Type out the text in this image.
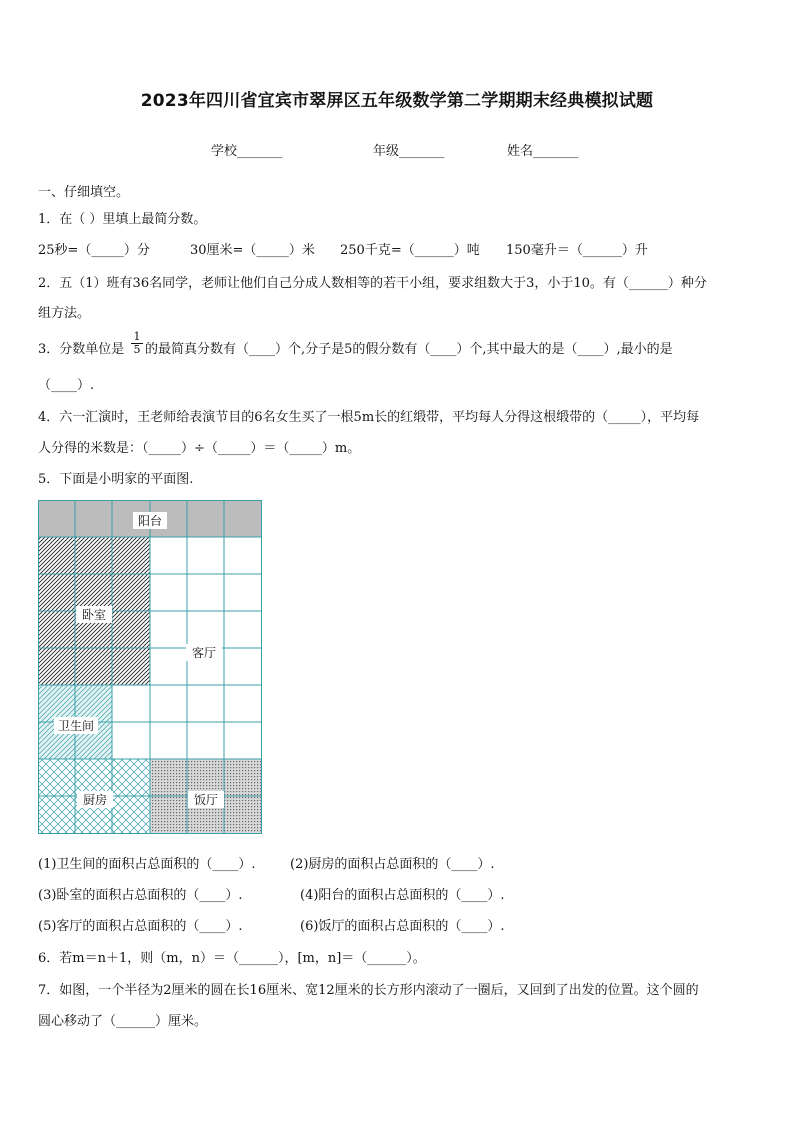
2023年四川省宜宾市翠屏区五年级数学第二学期期末经典模拟试题
学校_______	年级_______	姓名_______
一、仔细填空。
1．在（ ）里填上最简分数。
25秒=（_____）分	30厘米=（_____）米 250千克=（______）吨 150毫升＝（______）升
2．五（1）班有36名同学，老师让他们自己分成人数相等的若干小组，要求组数大于3，小于10。有（______）种分
组方法。
3．分数单位是 $\frac{1}{5}$ 的最简真分数有（____）个,分子是5的假分数有（____）个,其中最大的是（____）,最小的是
（____）.
4．六一汇演时，王老师给表演节目的6名女生买了一根5m长的红缎带，平均每人分得这根缎带的（_____），平均每
人分得的米数是：（_____）÷（_____）＝（_____）m。
5．下面是小明家的平面图.
阳台
卧室
客厅
卫生间
厨房	饭厅
(1)卫生间的面积占总面积的（____）.	(2)厨房的面积占总面积的（____）.
(3)卧室的面积占总面积的（____）.	(4)阳台的面积占总面积的（____）.
(5)客厅的面积占总面积的（____）.	(6)饭厅的面积占总面积的（____）.
6．若m＝n＋1，则（m，n）＝（______），[m，n]＝（______）。
7．如图，一个半径为2厘米的圆在长16厘米、宽12厘米的长方形内滚动了一圈后，又回到了出发的位置。这个圆的
圆心移动了（______）厘米。
